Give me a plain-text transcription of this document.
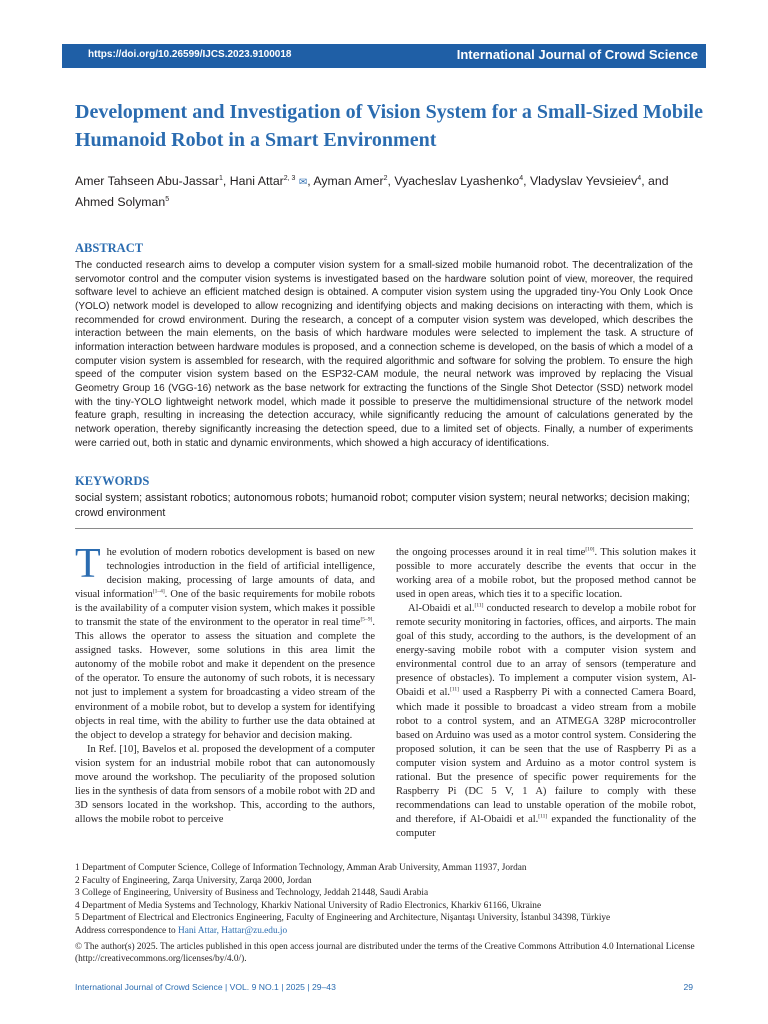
https://doi.org/10.26599/IJCS.2023.9100018	International Journal of Crowd Science
Development and Investigation of Vision System for a Small-Sized Mobile Humanoid Robot in a Smart Environment
Amer Tahseen Abu-Jassar$^1$, Hani Attar$^{2, 3}$ ✉, Ayman Amer$^2$, Vyacheslav Lyashenko$^4$, Vladyslav Yevsieiev$^4$, and Ahmed Solyman$^5$
ABSTRACT

The conducted research aims to develop a computer vision system for a small-sized mobile humanoid robot. The decentralization of the servomotor control and the computer vision systems is investigated based on the hardware solution point of view, moreover, the required software level to achieve an efficient matched design is obtained. A computer vision system using the upgraded tiny-You Only Look Once (YOLO) network model is developed to allow recognizing and identifying objects and making decisions on interacting with them, which is recommended for crowd environment. During the research, a concept of a computer vision system was developed, which describes the interaction between the main elements, on the basis of which hardware modules were selected to implement the task. A structure of information interaction between hardware modules is proposed, and a connection scheme is developed, on the basis of which a model of a computer vision system is assembled for research, with the required algorithmic and software for solving the problem. To ensure the high speed of the computer vision system based on the ESP32-CAM module, the neural network was improved by replacing the Visual Geometry Group 16 (VGG-16) network as the base network for extracting the functions of the Single Shot Detector (SSD) network model with the tiny-YOLO lightweight network model, which made it possible to preserve the multidimensional structure of the network model feature graph, resulting in increasing the detection accuracy, while significantly reducing the amount of calculations generated by the network operation, thereby significantly increasing the detection speed, due to a limited set of objects. Finally, a number of experiments were carried out, both in static and dynamic environments, which showed a high accuracy of identifications.

KEYWORDS

social system; assistant robotics; autonomous robots; humanoid robot; computer vision system; neural networks; decision making; crowd environment

The evolution of modern robotics development is based on new technologies introduction in the field of artificial intelligence, decision making, processing of large amounts of data, and visual information[1–4]. One of the basic requirements for mobile robots is the availability of a computer vision system, which makes it possible to transmit the state of the environment to the operator in real time[5–9]. This allows the operator to assess the situation and complete the assigned tasks. However, some solutions in this area limit the autonomy of the mobile robot and make it dependent on the presence of the operator. To ensure the autonomy of such robots, it is necessary not just to implement a system for broadcasting a video stream of the environment of a mobile robot, but to develop a system for identifying objects in real time, with the ability to further use the data obtained at the object to develop a strategy for behavior and decision making.

In Ref. [10], Bavelos et al. proposed the development of a computer vision system for an industrial mobile robot that can autonomously move around the workshop. The peculiarity of the proposed solution lies in the synthesis of data from sensors of a mobile robot with 2D and 3D sensors located in the workshop. This, according to the authors, allows the mobile robot to perceive

the ongoing processes around it in real time[10]. This solution makes it possible to more accurately describe the events that occur in the working area of a mobile robot, but the proposed method cannot be used in open areas, which ties it to a specific location.

Al-Obaidi et al.[11] conducted research to develop a mobile robot for remote security monitoring in factories, offices, and airports. The main goal of this study, according to the authors, is the development of an energy-saving mobile robot with a computer vision system and environmental control due to an array of sensors (temperature and presence of obstacles). To implement a computer vision system, Al-Obaidi et al.[11] used a Raspberry Pi with a connected Camera Board, which made it possible to broadcast a video stream from a mobile robot to a control system, and an ATMEGA 328P microcontroller based on Arduino was used as a motor control system. Considering the proposed solution, it can be seen that the use of Raspberry Pi as a computer vision system and Arduino as a motor control system is rational. But the presence of specific power requirements for the Raspberry Pi (DC 5 V, 1 A) failure to comply with these recommendations can lead to unstable operation of the mobile robot, and therefore, if Al-Obaidi et al.[11] expanded the functionality of the computer

1 Department of Computer Science, College of Information Technology, Amman Arab University, Amman 11937, Jordan
2 Faculty of Engineering, Zarqa University, Zarqa 2000, Jordan
3 College of Engineering, University of Business and Technology, Jeddah 21448, Saudi Arabia
4 Department of Media Systems and Technology, Kharkiv National University of Radio Electronics, Kharkiv 61166, Ukraine
5 Department of Electrical and Electronics Engineering, Faculty of Engineering and Architecture, Nişantaşı University, İstanbul 34398, Türkiye
Address correspondence to Hani Attar, Hattar@zu.edu.jo
© The author(s) 2025. The articles published in this open access journal are distributed under the terms of the Creative Commons Attribution 4.0 International License (http://creativecommons.org/licenses/by/4.0/).
International Journal of Crowd Science | VOL. 9 NO.1 | 2025 | 29–43	29
